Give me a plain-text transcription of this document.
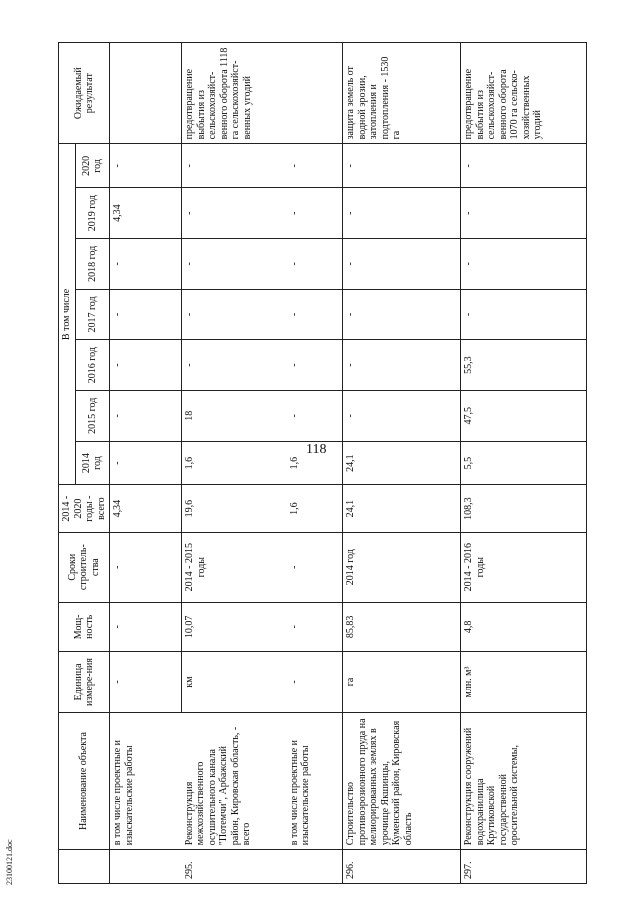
118
23100121.doc
	Наименование объекта	Единица измере-ния	Мощ-ность	Сроки строитель-ства	2014 - 2020 годы - всего	В том числе							Ожидаемый результат
						2014 год	2015 год	2016 год	2017 год	2018 год	2019 год	2020 год	
	в том числе проектные и изыскательские работы	-	-	-	4,34	-	-	-	-	-	4,34	-	
295.	Реконструкция межхозяйственного осушительного канала "Потемчи", Арбажский район, Кировская область, - всего	км	10,07	2014 - 2015 годы	19,6	1,6	18	-	-	-	-	-	предотвращение выбытия из сельскохозяйст-венного оборота 1118 га сельскохозяйст-венных угодий
	в том числе проектные и изыскательские работы	-	-	-	1,6	1,6	-	-	-	-	-	-	
296.	Строительство противоэрозионного пруда на мелиорированных землях в урочище Якшинцы, Куменский район, Кировская область	га	85,83	2014 год	24,1	24,1	-	-	-	-	-	-	защита земель от водной эрозии, затопления и подтопления - 1530 га
297.	Реконструкция сооружений водохранилища Крутиковской государственной оросительной системы,	млн. м³	4,8	2014 - 2016 годы	108,3	5,5	47,5	55,3	-	-	-	-	предотвращение выбытия из сельскохозяйст-венного оборота 1070 га сельско-хозяйственных угодий
